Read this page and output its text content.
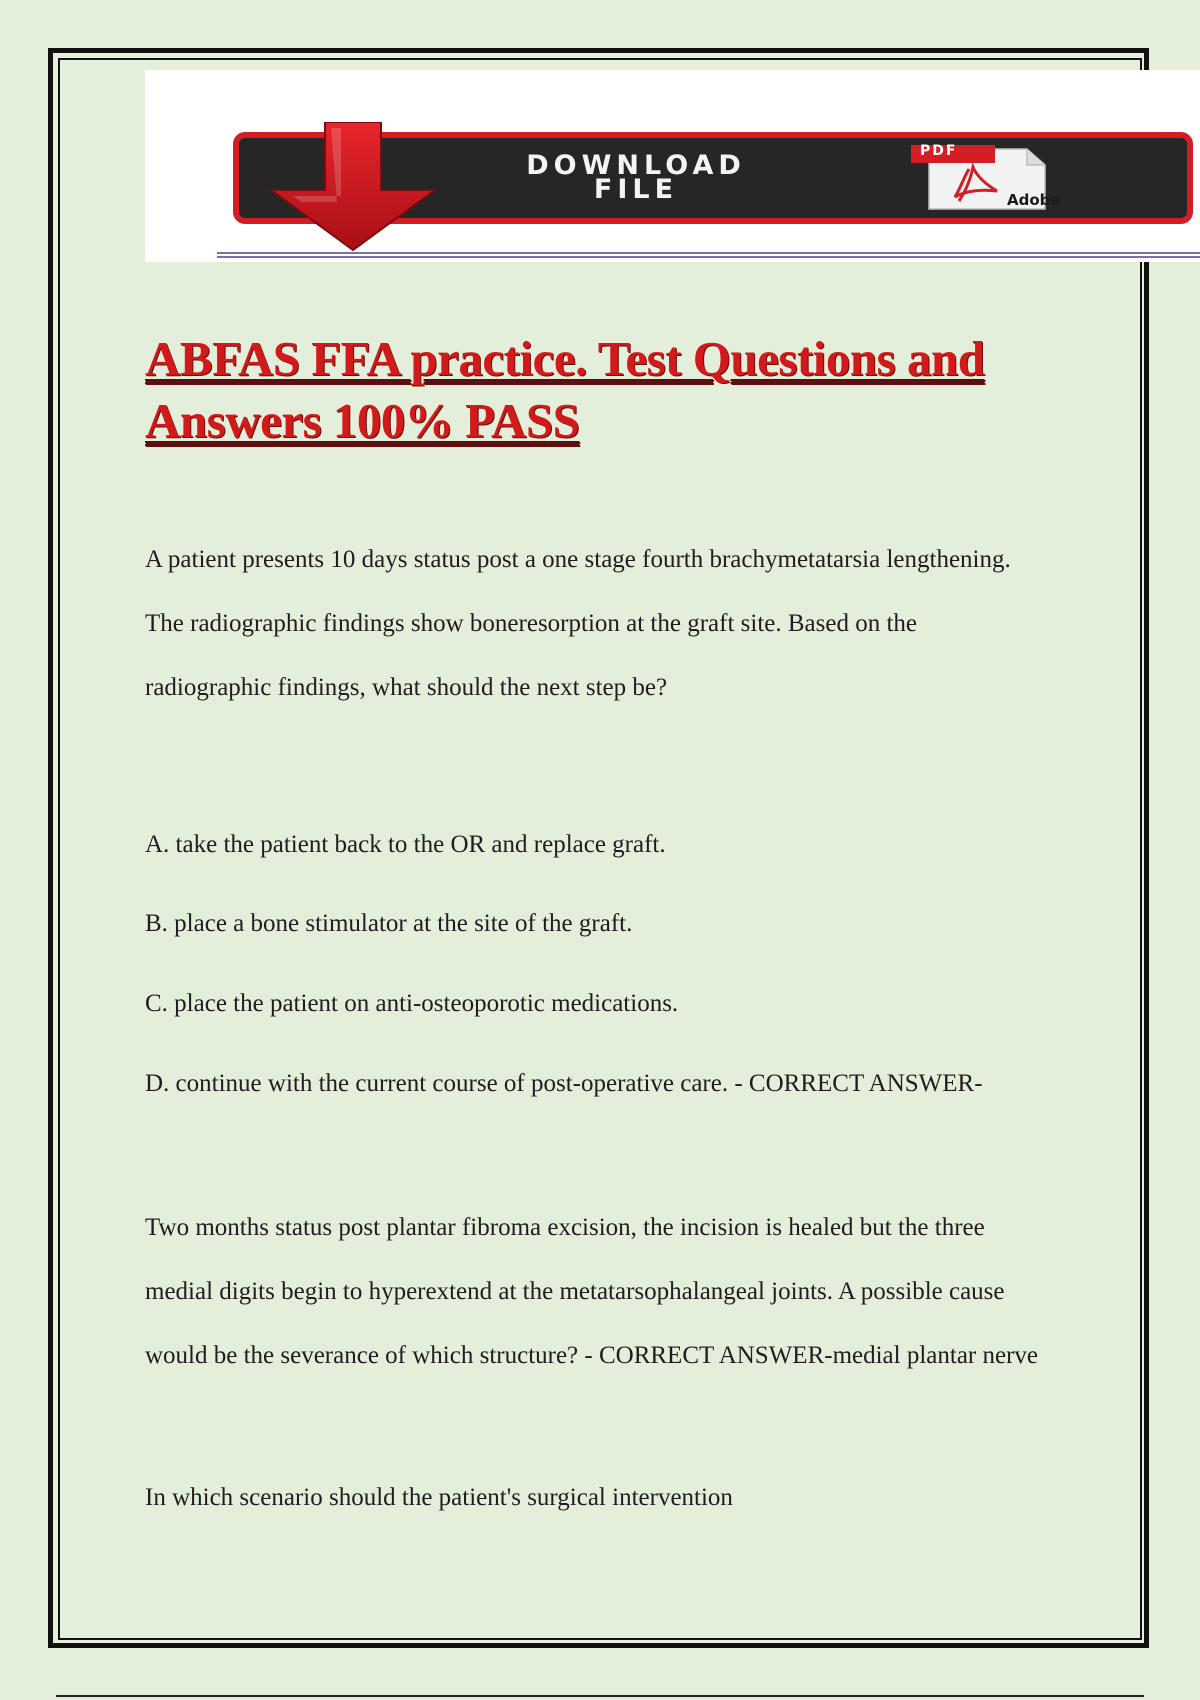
DOWNLOAD
FILE
PDF
Adobe
ABFAS FFA practice. Test Questions and Answers 100% PASS

A patient presents 10 days status post a one stage fourth brachymetatarsia lengthening. The radiographic findings show boneresorption at the graft site. Based on the radiographic findings, what should the next step be?

A. take the patient back to the OR and replace graft.

B. place a bone stimulator at the site of the graft.

C. place the patient on anti-osteoporotic medications.

D. continue with the current course of post-operative care. - CORRECT ANSWER-

Two months status post plantar fibroma excision, the incision is healed but the three medial digits begin to hyperextend at the metatarsophalangeal joints. A possible cause would be the severance of which structure? - CORRECT ANSWER-medial plantar nerve

In which scenario should the patient's surgical intervention
